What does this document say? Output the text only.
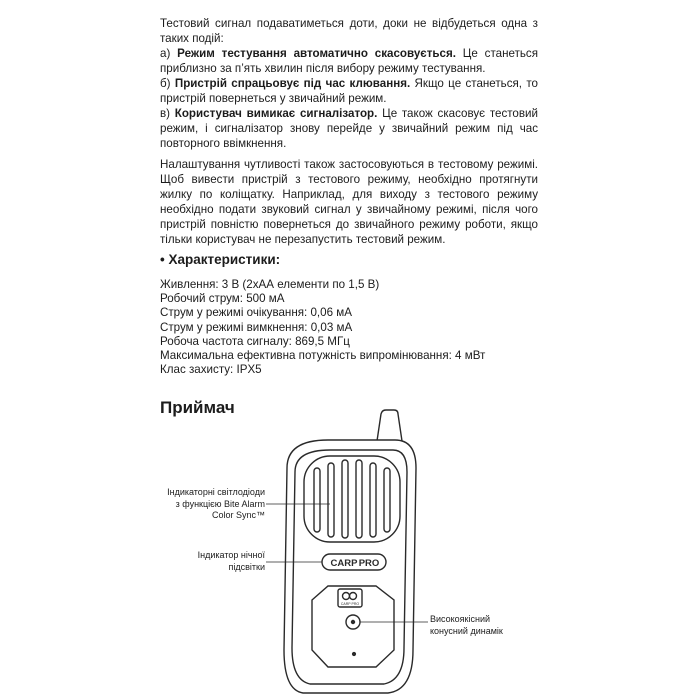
Тестовий сигнал подаватиметься доти, доки не відбудеться одна з таких подій:
а) Режим тестування автоматично скасовується. Це станеться приблизно за п’ять хвилин після вибору режиму тестування.
б) Пристрій спрацьовує під час клювання. Якщо це станеться, то пристрій повернеться у звичайний режим.
в) Користувач вимикає сигналізатор. Це також скасовує тестовий режим, і сигналізатор знову перейде у звичайний режим під час повторного ввімкнення.
Налаштування чутливості також застосовуються в тестовому режимі. Щоб вивести пристрій з тестового режиму, необхідно протягнути жилку по коліщатку. Наприклад, для виходу з тестового режиму необхідно подати звуковий сигнал у звичайному режимі, після чого пристрій повністю повернеться до звичайного режиму роботи, якщо тільки користувач не перезапустить тестовий режим.
• Характеристики:
Живлення: 3 В (2хАА елементи по 1,5 В)
Робочий струм: 500 мА
Струм у режимі очікування: 0,06 мА
Струм у режимі вимкнення: 0,03 мА
Робоча частота сигналу: 869,5 МГц
Максимальна ефективна потужність випромінювання: 4 мВт
Клас захисту: IPX5
Приймач
CARP PRO
CARP PRO
Індикаторні світлодіоди
з функцією Bite Alarm
Color Sync™
Індикатор нічної
підсвітки
Високоякісний
конусний динамік
